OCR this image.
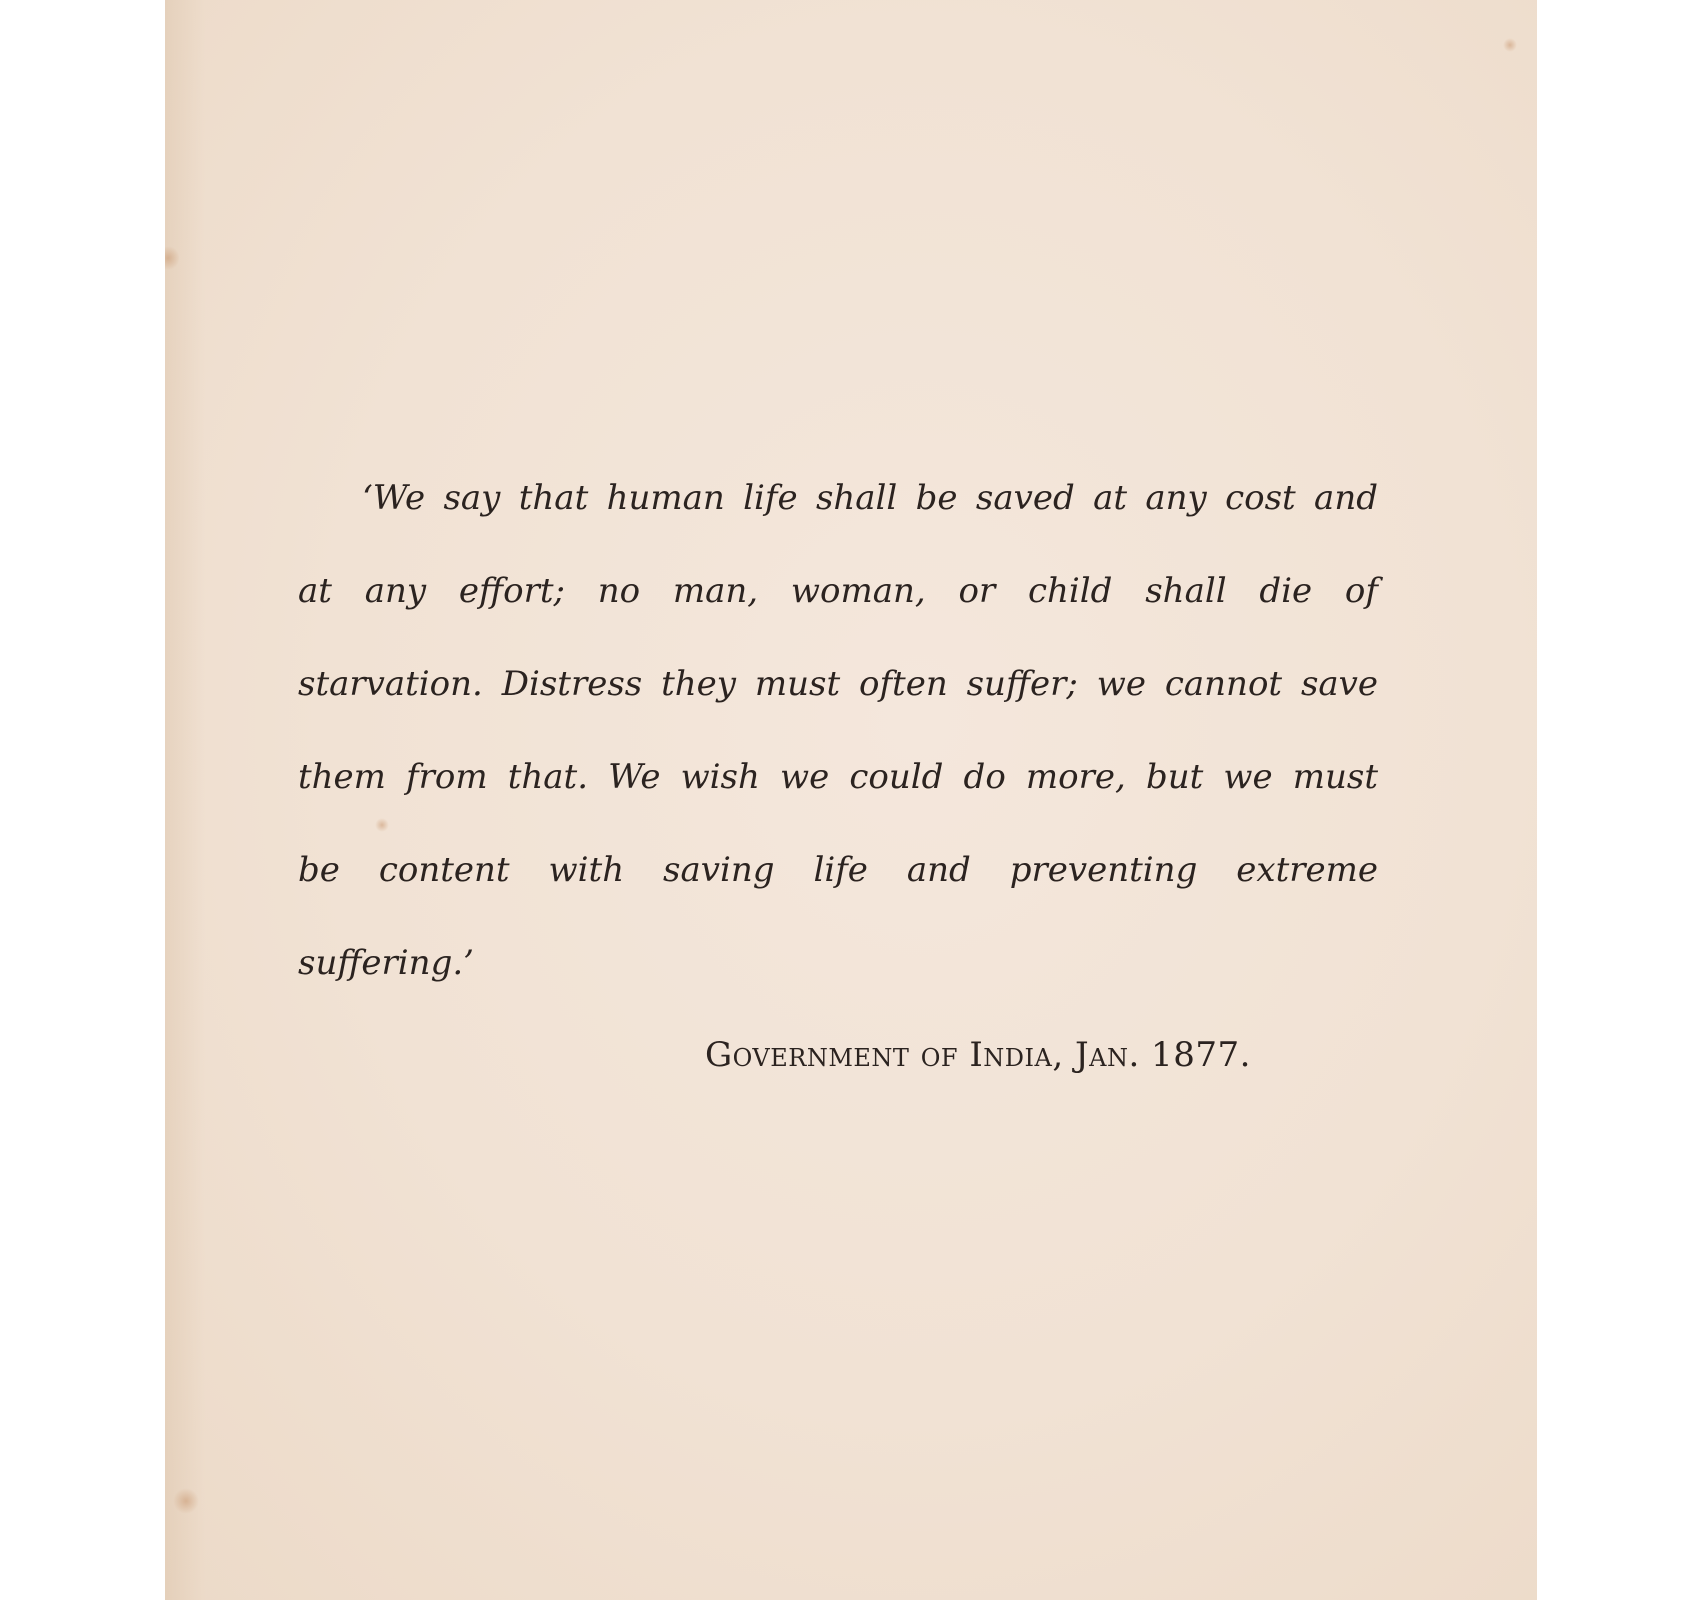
‘We say that human life shall be saved at any cost and at any effort; no man, woman, or child shall die of starvation. Distress they must often suffer; we cannot save them from that. We wish we could do more, but we must be content with saving life and preventing extreme suffering.’

Government of India, Jan. 1877.
